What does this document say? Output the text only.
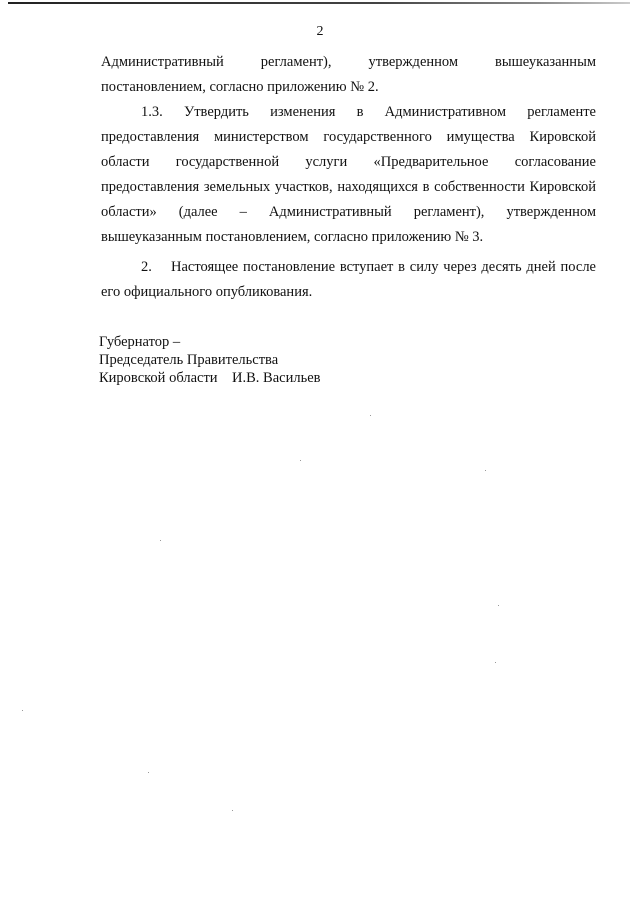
2

Административный регламент), утвержденном вышеуказанным постановлением, согласно приложению № 2.

1.3. Утвердить изменения в Административном регламенте предоставления министерством государственного имущества Кировской области государственной услуги «Предварительное согласование предоставления земельных участков, находящихся в собственности Кировской области» (далее – Административный регламент), утвержденном вышеуказанным постановлением, согласно приложению № 3.

2.    Настоящее постановление вступает в силу через десять дней после его официального опубликования.

Губернатор –
Председатель Правительства
Кировской области    И.В. Васильев
